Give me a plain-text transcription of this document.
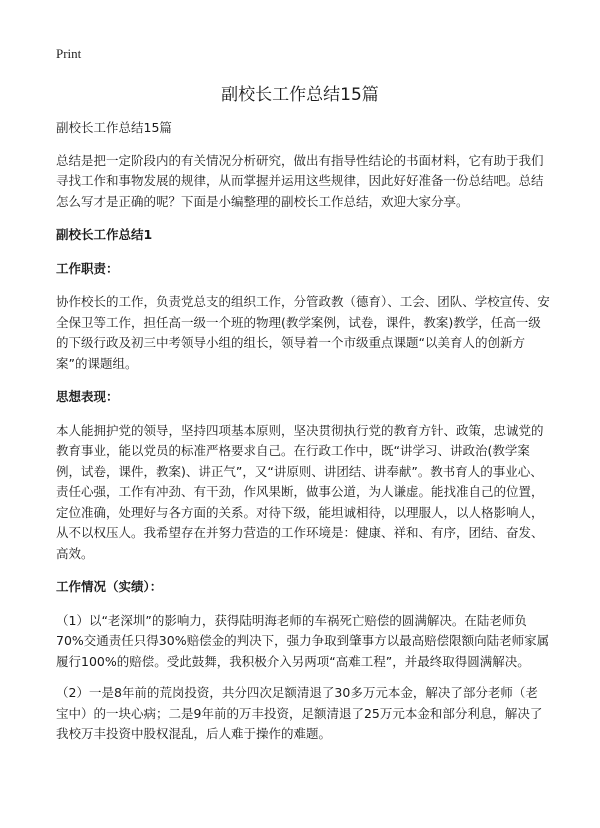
Print
副校长工作总结15篇

副校长工作总结15篇

总结是把一定阶段内的有关情况分析研究，做出有指导性结论的书面材料，它有助于我们寻找工作和事物发展的规律，从而掌握并运用这些规律，因此好好准备一份总结吧。总结怎么写才是正确的呢？下面是小编整理的副校长工作总结，欢迎大家分享。

副校长工作总结1

工作职责：

协作校长的工作，负责党总支的组织工作，分管政教（德育）、工会、团队、学校宣传、安全保卫等工作，担任高一级一个班的物理(教学案例，试卷，课件，教案)教学，任高一级的下级行政及初三中考领导小组的组长，领导着一个市级重点课题“以美育人的创新方案”的课题组。

思想表现：

本人能拥护党的领导，坚持四项基本原则，坚决贯彻执行党的教育方针、政策，忠诚党的教育事业，能以党员的标准严格要求自己。在行政工作中，既“讲学习、讲政治(教学案例，试卷，课件，教案)、讲正气”，又“讲原则、讲团结、讲奉献”。教书育人的事业心、责任心强，工作有冲劲、有干劲，作风果断，做事公道，为人谦虚。能找准自己的位置，定位准确，处理好与各方面的关系。对待下级，能坦诚相待，以理服人，以人格影响人，从不以权压人。我希望存在并努力营造的工作环境是：健康、祥和、有序，团结、奋发、高效。

工作情况（实绩）：

（1）以“老深圳”的影响力，获得陆明海老师的车祸死亡赔偿的圆满解决。在陆老师负70%交通责任只得30%赔偿金的判决下，强力争取到肇事方以最高赔偿限额向陆老师家属履行100%的赔偿。受此鼓舞，我积极介入另两项“高难工程”，并最终取得圆满解决。

（2）一是8年前的荒岗投资，共分四次足额清退了30多万元本金，解决了部分老师（老宝中）的一块心病；二是9年前的万丰投资，足额清退了25万元本金和部分利息，解决了我校万丰投资中股权混乱，后人难于操作的难题。
